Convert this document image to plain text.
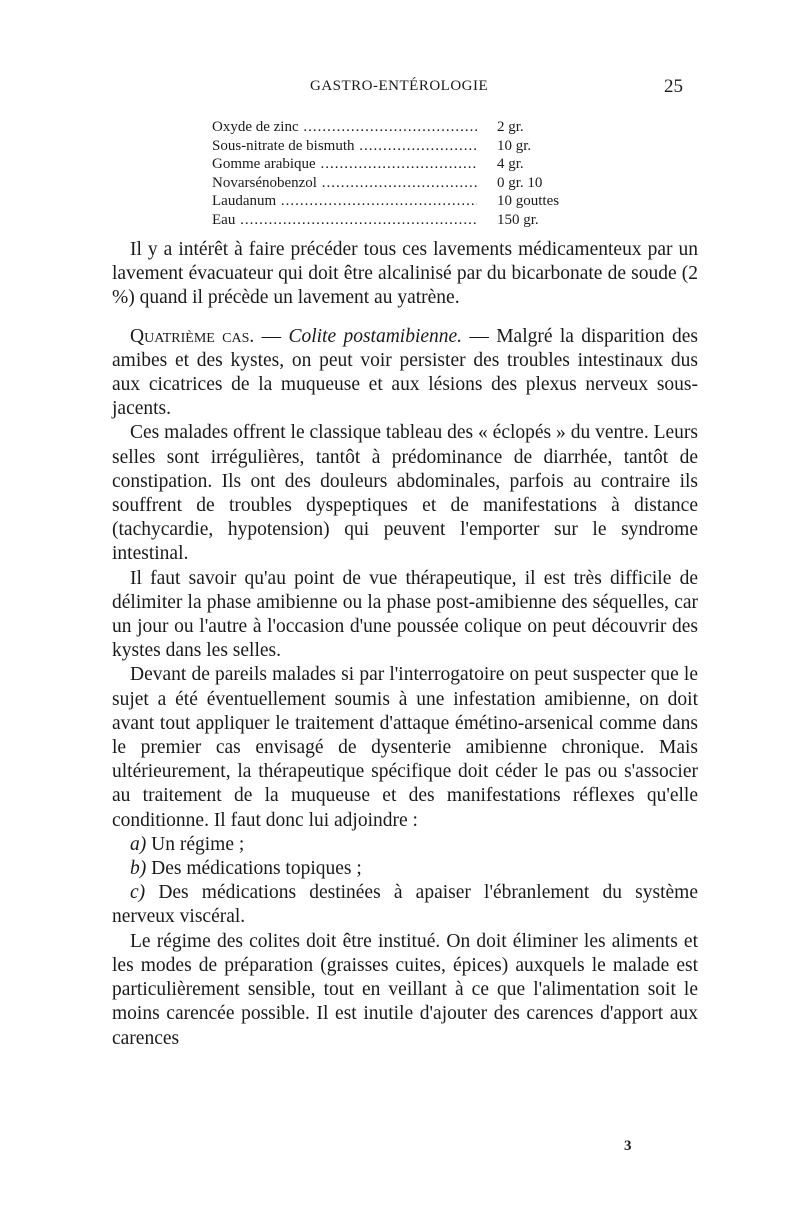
GASTRO-ENTÉROLOGIE	25
Oxyde de zinc .....	2 gr.
Sous-nitrate de bismuth .....	10 gr.
Gomme arabique .....	4 gr.
Novarsénobenzol .....	0 gr. 10
Laudanum .....	10 gouttes
Eau .....	150 gr.

Il y a intérêt à faire précéder tous ces lavements médicamenteux par un lavement évacuateur qui doit être alcalinisé par du bicarbonate de soude (2 %) quand il précède un lavement au yatrène.

Quatrième cas. — Colite postamibienne. — Malgré la disparition des amibes et des kystes, on peut voir persister des troubles intestinaux dus aux cicatrices de la muqueuse et aux lésions des plexus nerveux sous-jacents.

Ces malades offrent le classique tableau des « éclopés » du ventre. Leurs selles sont irrégulières, tantôt à prédominance de diarrhée, tantôt de constipation. Ils ont des douleurs abdominales, parfois au contraire ils souffrent de troubles dyspeptiques et de manifestations à distance (tachycardie, hypotension) qui peuvent l'emporter sur le syndrome intestinal.

Il faut savoir qu'au point de vue thérapeutique, il est très difficile de délimiter la phase amibienne ou la phase post-amibienne des séquelles, car un jour ou l'autre à l'occasion d'une poussée colique on peut découvrir des kystes dans les selles.

Devant de pareils malades si par l'interrogatoire on peut suspecter que le sujet a été éventuellement soumis à une infestation amibienne, on doit avant tout appliquer le traitement d'attaque émétino-arsenical comme dans le premier cas envisagé de dysenterie amibienne chronique. Mais ultérieurement, la thérapeutique spécifique doit céder le pas ou s'associer au traitement de la muqueuse et des manifestations réflexes qu'elle conditionne. Il faut donc lui adjoindre :

a) Un régime ;

b) Des médications topiques ;

c) Des médications destinées à apaiser l'ébranlement du système nerveux viscéral.

Le régime des colites doit être institué. On doit éliminer les aliments et les modes de préparation (graisses cuites, épices) auxquels le malade est particulièrement sensible, tout en veillant à ce que l'alimentation soit le moins carencée possible. Il est inutile d'ajouter des carences d'apport aux carences

3
